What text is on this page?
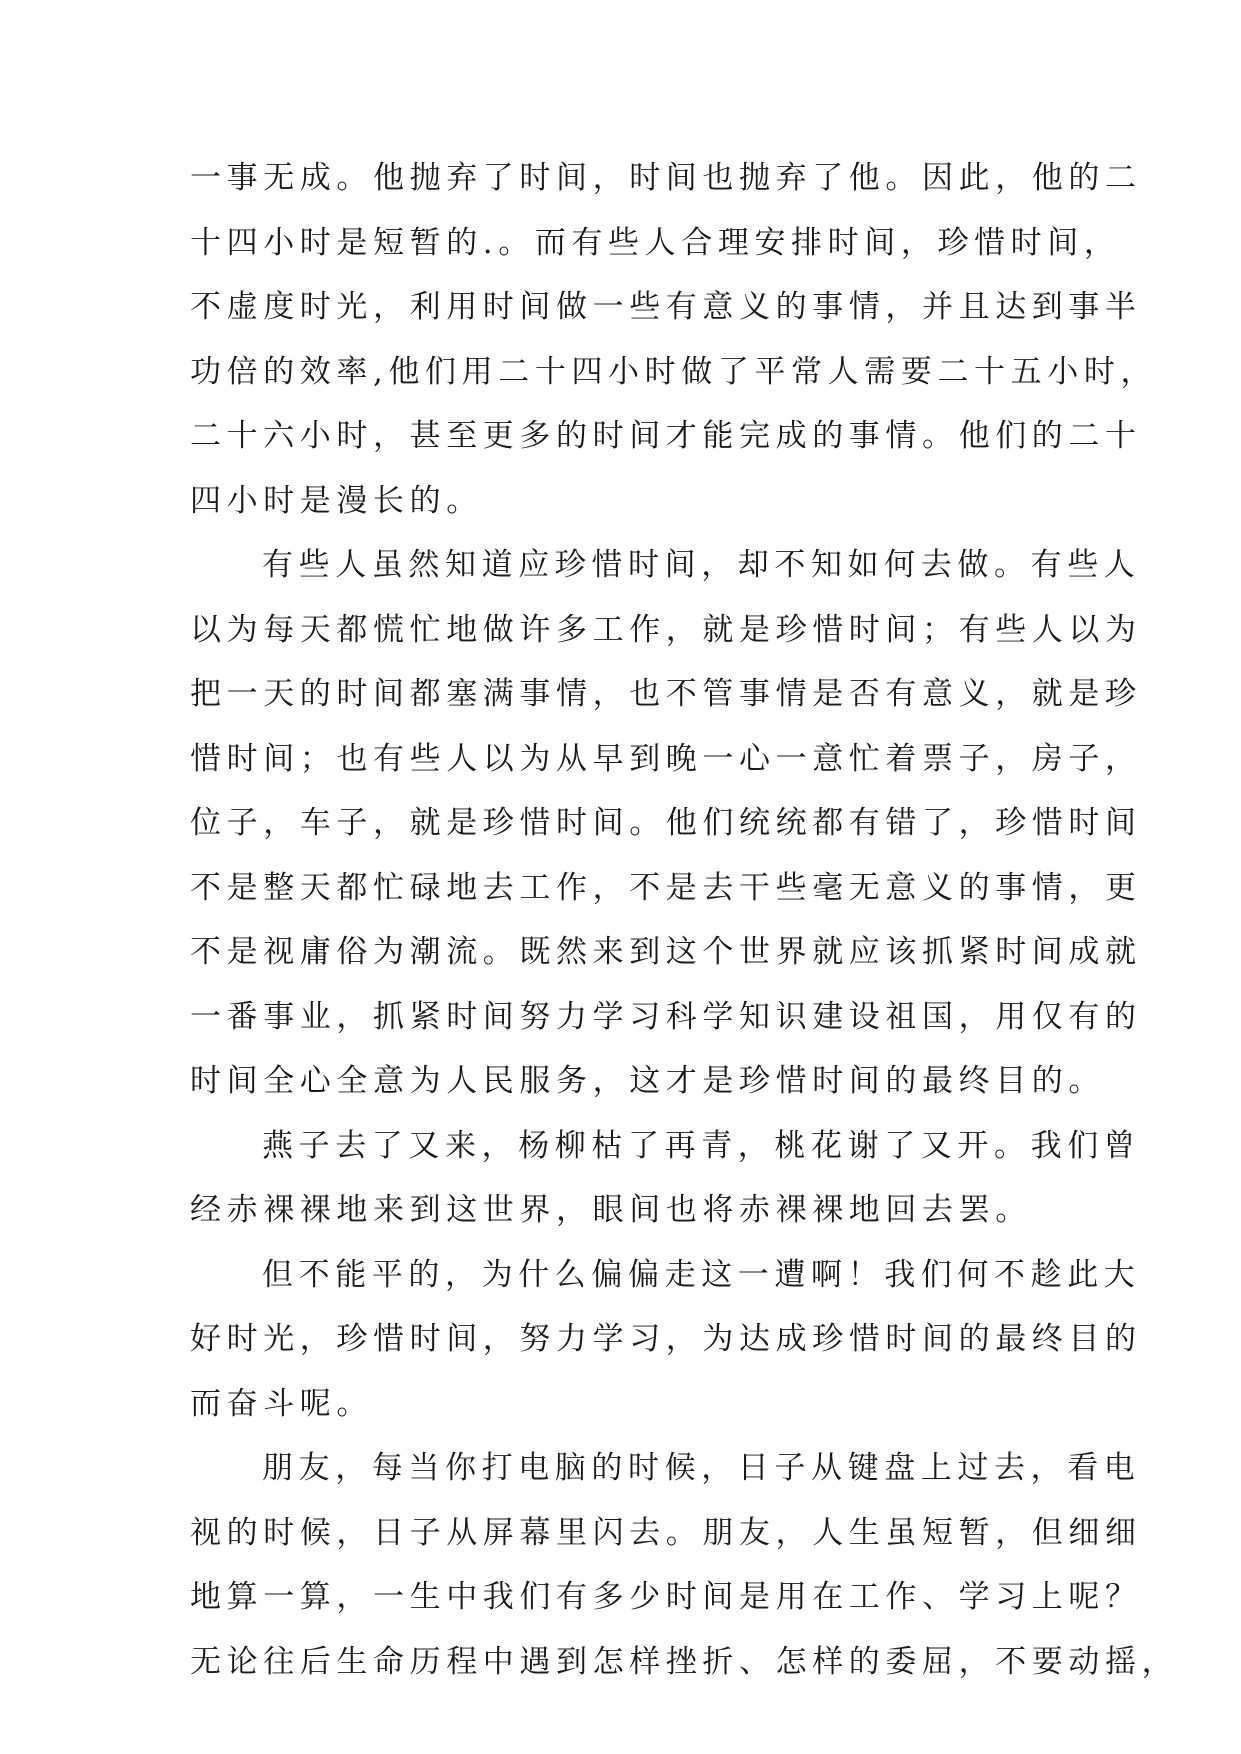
一事无成。他抛弃了时间，时间也抛弃了他。因此，他的二
十四小时是短暂的.。而有些人合理安排时间，珍惜时间，
不虚度时光，利用时间做一些有意义的事情，并且达到事半
功倍的效率,他们用二十四小时做了平常人需要二十五小时，
二十六小时，甚至更多的时间才能完成的事情。他们的二十
四小时是漫长的。
有些人虽然知道应珍惜时间，却不知如何去做。有些人
以为每天都慌忙地做许多工作，就是珍惜时间；有些人以为
把一天的时间都塞满事情，也不管事情是否有意义，就是珍
惜时间；也有些人以为从早到晚一心一意忙着票子，房子，
位子，车子，就是珍惜时间。他们统统都有错了，珍惜时间
不是整天都忙碌地去工作，不是去干些毫无意义的事情，更
不是视庸俗为潮流。既然来到这个世界就应该抓紧时间成就
一番事业，抓紧时间努力学习科学知识建设祖国，用仅有的
时间全心全意为人民服务，这才是珍惜时间的最终目的。
燕子去了又来，杨柳枯了再青，桃花谢了又开。我们曾
经赤裸裸地来到这世界，眼间也将赤裸裸地回去罢。
但不能平的，为什么偏偏走这一遭啊！我们何不趁此大
好时光，珍惜时间，努力学习，为达成珍惜时间的最终目的
而奋斗呢。
朋友，每当你打电脑的时候，日子从键盘上过去，看电
视的时候，日子从屏幕里闪去。朋友，人生虽短暂，但细细
地算一算，一生中我们有多少时间是用在工作、学习上呢？
无论往后生命历程中遇到怎样挫折、怎样的委屈，不要动摇，
